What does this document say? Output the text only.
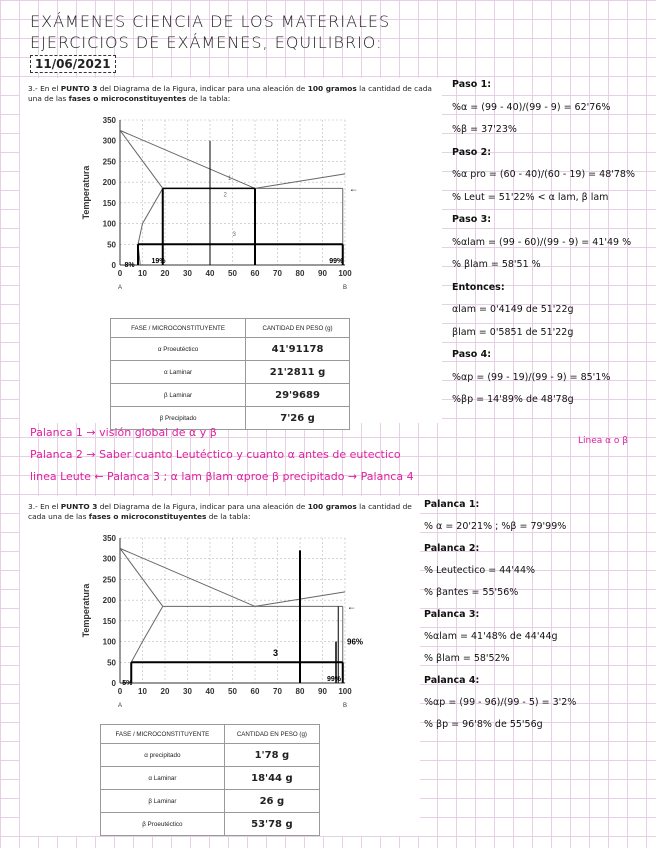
EXÁMENES CIENCIA DE LOS MATERIALES
EJERCICIOS DE EXÁMENES, EQUILIBRIO:
11/06/2021
3.- En el PUNTO 3 del Diagrama de la Figura, indicar para una aleación de 100 gramos la cantidad de cada una de las fases o microconstituyentes de la tabla:
0 10 20 30 40 50 60 70 80 90 100
0
50
100
150
200
250
300
350
A	B
Temperatura
8%
19%	99%
1
2
3
←
FASE / MICROCONSTITUYENTE	CANTIDAD EN PESO (g)
α Proeutéctico	41'91178
α Laminar	21'2811 g
β Laminar	29'9689
β Precipitado	7'26 g
Paso 1:
%α = (99 - 40)/(99 - 9) = 62'76%
%β = 37'23%
Paso 2:
%α pro = (60 - 40)/(60 - 19) = 48'78%
% Leut = 51'22% < α lam, β lam
Paso 3:
%αlam = (99 - 60)/(99 - 9) = 41'49 %
% βlam = 58'51 %
Entonces:
αlam = 0'4149 de 51'22g
βlam = 0'5851 de 51'22g
Paso 4:
%αp = (99 - 19)/(99 - 9) = 85'1%
%βp = 14'89% de 48'78g
Palanca 1 → visión global de α y β
Palanca 2 → Saber cuanto Leutéctico y cuanto α antes de eutectico
linea Leute ← Palanca 3 ; α lam βlam αproe β precipitado → Palanca 4
Linea α o β
3.- En el PUNTO 3 del Diagrama de la Figura, indicar para una aleación de 100 gramos la cantidad de cada una de las fases o microconstituyentes de la tabla:
0 10 20 30 40 50 60 70 80 90 100
0
50
100
150
200
250
300
350
A	B
Temperatura
5%
99%
3
96%
←
FASE / MICROCONSTITUYENTE	CANTIDAD EN PESO (g)
α precipitado	1'78 g
α Laminar	18'44 g
β Laminar	26 g
β Proeutéctico	53'78 g
Palanca 1:
% α = 20'21% ; %β = 79'99%
Palanca 2:
% Leutectico = 44'44%
% βantes = 55'56%
Palanca 3:
%αlam = 41'48% de 44'44g
% βlam = 58'52%
Palanca 4:
%αp = (99 - 96)/(99 - 5) = 3'2%
% βp = 96'8% de 55'56g
